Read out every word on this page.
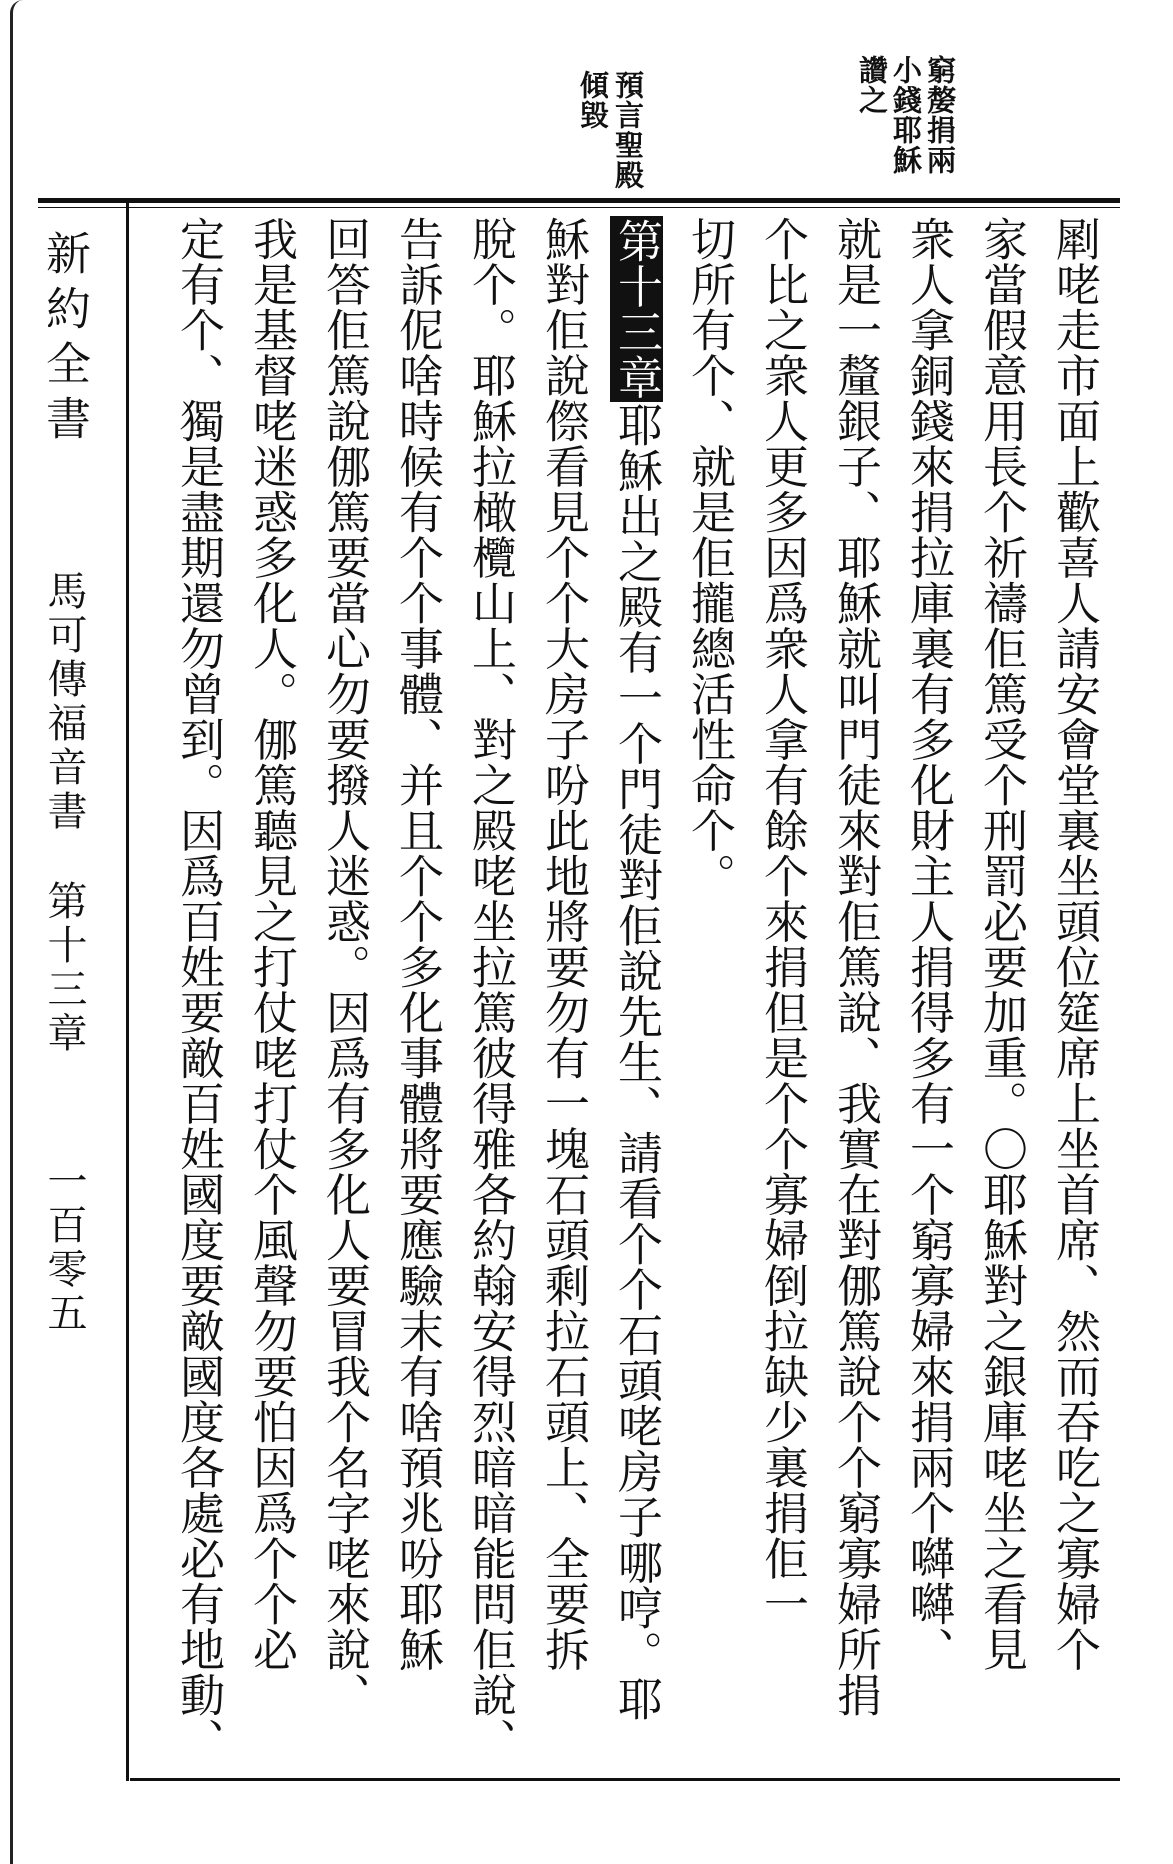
窮嫠捐兩
小錢耶穌
讚之
預言聖殿
傾毀
新約全書
馬可傳福音書
第十三章
一百零五	㓾咾走市面上歡喜人請安會堂裏坐頭位筵席上坐首席、然而吞吃之寡婦个
家當假意用長个祈禱佢篤受个刑罰必要加重。〇耶穌對之銀庫咾坐之看見
衆人拿銅錢來捐拉庫裏有多化財主人捐得多有一个窮寡婦來捐兩个𡃈𡃈、
就是一釐銀子、耶穌就叫門徒來對佢篤說、我實在對㑚篤說个个窮寡婦所捐
个比之衆人更多因爲衆人拿有餘个來捐但是个个寡婦倒拉缺少裏捐佢一
切所有个、就是佢攏總活性命个。
第十三章耶穌出之殿有一个門徒對佢說先生、請看个个石頭咾房子哪哼。耶
穌對佢說傺看見个个大房子吩此地將要勿有一塊石頭剩拉石頭上、全要拆
脫个。耶穌拉橄欖山上、對之殿咾坐拉篤彼得雅各約翰安得烈暗暗能問佢說、
告訴伲啥時候有个个事體、并且个个多化事體將要應驗末有啥預兆吩耶穌
回答佢篤說㑚篤要當心勿要撥人迷惑。因爲有多化人要冒我个名字咾來說、
我是基督咾迷惑多化人。㑚篤聽見之打仗咾打仗个風聲勿要怕因爲个个必
定有个、獨是盡期還勿曾到。因爲百姓要敵百姓國度要敵國度各處必有地動、
